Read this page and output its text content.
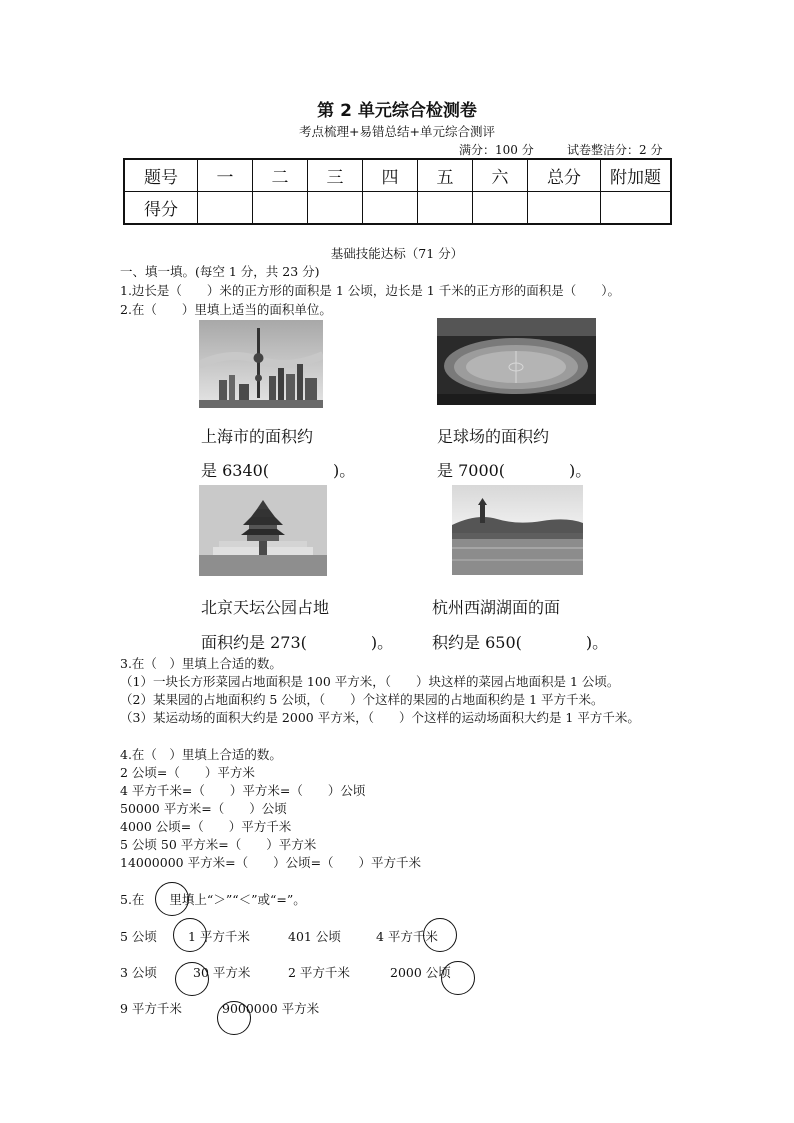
第 2 单元综合检测卷
考点梳理+易错总结+单元综合测评
满分：100 分	试卷整洁分：2 分
题号	一	二	三	四	五	六	总分	附加题
得分								
基础技能达标（71 分）
一、填一填。(每空 1 分，共 23 分)
1.边长是（　　）米的正方形的面积是 1 公顷，边长是 1 千米的正方形的面积是（　　）。
2.在（　　）里填上适当的面积单位。
上海市的面积约
是 6340(　　　　)。
足球场的面积约
是 7000(　　　　)。
北京天坛公园占地
面积约是 273(　　　　)。
杭州西湖湖面的面
积约是 650(　　　　)。
3.在（　）里填上合适的数。
（1）一块长方形菜园占地面积是 100 平方米，（　　）块这样的菜园占地面积是 1 公顷。
（2）某果园的占地面积约 5 公顷，（　　）个这样的果园的占地面积约是 1 平方千米。
（3）某运动场的面积大约是 2000 平方米，（　　）个这样的运动场面积大约是 1 平方千米。
4.在（　）里填上合适的数。
2 公顷=（　　）平方米
4 平方千米=（　　）平方米=（　　）公顷
50000 平方米=（　　）公顷
4000 公顷=（　　）平方千米
5 公顷 50 平方米=（　　）平方米
14000000 平方米=（　　）公顷=（　　）平方千米
5.在　　里填上“＞”“＜”或“=”。
5 公顷 1 平方千米	401 公顷	4 平方千米
3 公顷	30 平方米	2 平方千米	2000 公顷
9 平方千米	9000000 平方米
